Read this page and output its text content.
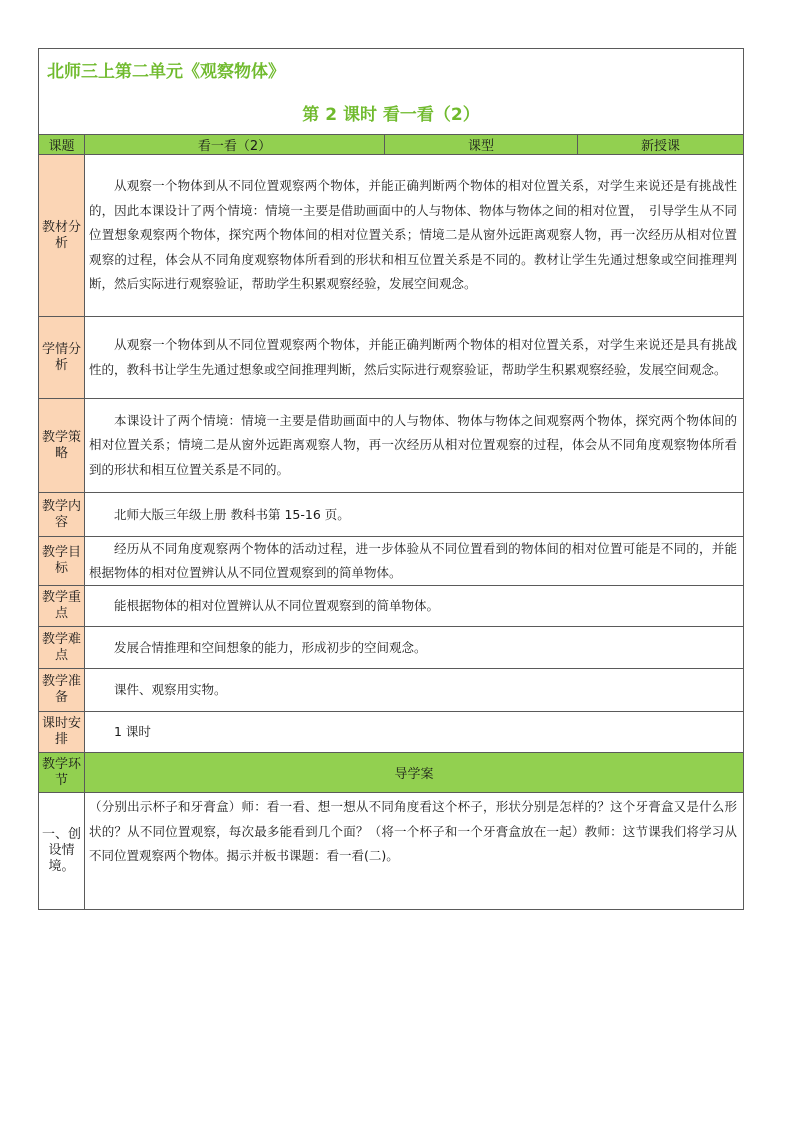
北师三上第二单元《观察物体》			
第 2 课时 看一看（2）			
课题	看一看（2）	课型	新授课
教材分析	从观察一个物体到从不同位置观察两个物体，并能正确判断两个物体的相对位置关系，对学生来说还是有挑战性的，因此本课设计了两个情境：情境一主要是借助画面中的人与物体、物体与物体之间的相对位置，　引导学生从不同位置想象观察两个物体，探究两个物体间的相对位置关系；情境二是从窗外远距离观察人物，再一次经历从相对位置观察的过程，体会从不同角度观察物体所看到的形状和相互位置关系是不同的。教材让学生先通过想象或空间推理判断，然后实际进行观察验证，帮助学生积累观察经验，发展空间观念。		
学情分析	从观察一个物体到从不同位置观察两个物体，并能正确判断两个物体的相对位置关系，对学生来说还是具有挑战性的，教科书让学生先通过想象或空间推理判断，然后实际进行观察验证，帮助学生积累观察经验，发展空间观念。		
教学策略	本课设计了两个情境：情境一主要是借助画面中的人与物体、物体与物体之间观察两个物体，探究两个物体间的相对位置关系；情境二是从窗外远距离观察人物，再一次经历从相对位置观察的过程，体会从不同角度观察物体所看到的形状和相互位置关系是不同的。		
教学内容	北师大版三年级上册 教科书第 15-16 页。		
教学目标	经历从不同角度观察两个物体的活动过程，进一步体验从不同位置看到的物体间的相对位置可能是不同的，并能根据物体的相对位置辨认从不同位置观察到的简单物体。		
教学重点	能根据物体的相对位置辨认从不同位置观察到的简单物体。		
教学难点	发展合情推理和空间想象的能力，形成初步的空间观念。		
教学准备	课件、观察用实物。		
课时安排	1 课时		
教学环节	导学案		
一、创设情境。	（分别出示杯子和牙膏盒）师：看一看、想一想从不同角度看这个杯子，形状分别是怎样的？这个牙膏盒又是什么形状的？从不同位置观察，每次最多能看到几个面？（将一个杯子和一个牙膏盒放在一起）教师：这节课我们将学习从不同位置观察两个物体。揭示并板书课题：看一看(二)。		
